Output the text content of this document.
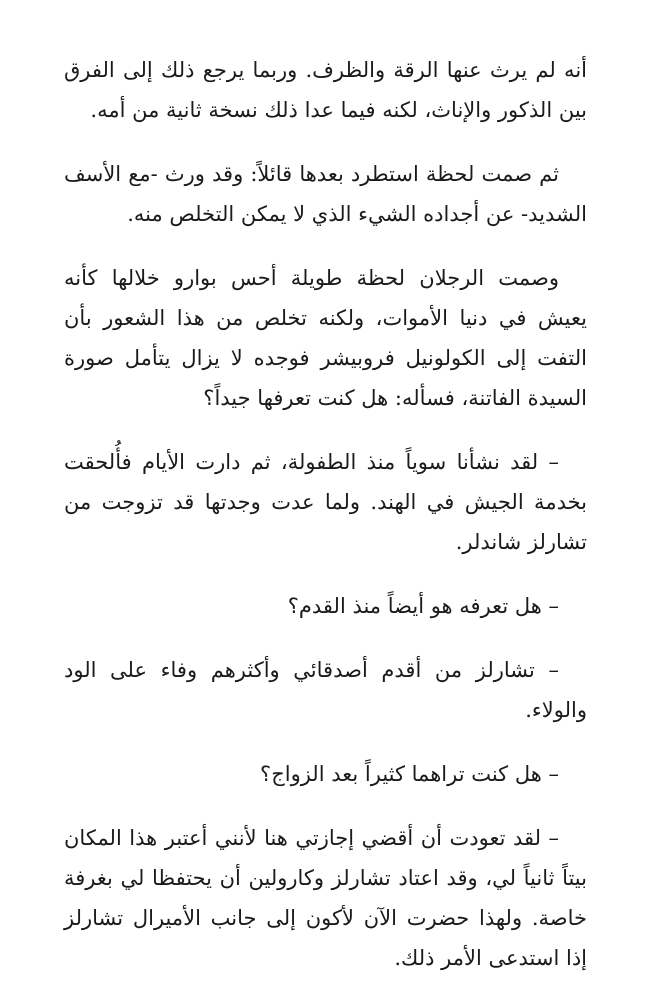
أنه لم يرث عنها الرقة والظرف. وربما يرجع ذلك إلى الفرق بين الذكور والإناث، لكنه فيما عدا ذلك نسخة ثانية من أمه.

ثم صمت لحظة استطرد بعدها قائلاً: وقد ورث -مع الأسف الشديد- عن أجداده الشيء الذي لا يمكن التخلص منه.

وصمت الرجلان لحظة طويلة أحس بوارو خلالها كأنه يعيش في دنيا الأموات، ولكنه تخلص من هذا الشعور بأن التفت إلى الكولونيل فروبيشر فوجده لا يزال يتأمل صورة السيدة الفاتنة، فسأله: هل كنت تعرفها جيداً؟

– لقد نشأنا سوياً منذ الطفولة، ثم دارت الأيام فأُلحقت بخدمة الجيش في الهند. ولما عدت وجدتها قد تزوجت من تشارلز شاندلر.

– هل تعرفه هو أيضاً منذ القدم؟

– تشارلز من أقدم أصدقائي وأكثرهم وفاء على الود والولاء.

– هل كنت تراهما كثيراً بعد الزواج؟

– لقد تعودت أن أقضي إجازتي هنا لأنني أعتبر هذا المكان بيتاً ثانياً لي، وقد اعتاد تشارلز وكارولين أن يحتفظا لي بغرفة خاصة. ولهذا حضرت الآن لأكون إلى جانب الأميرال تشارلز إذا استدعى الأمر ذلك.
